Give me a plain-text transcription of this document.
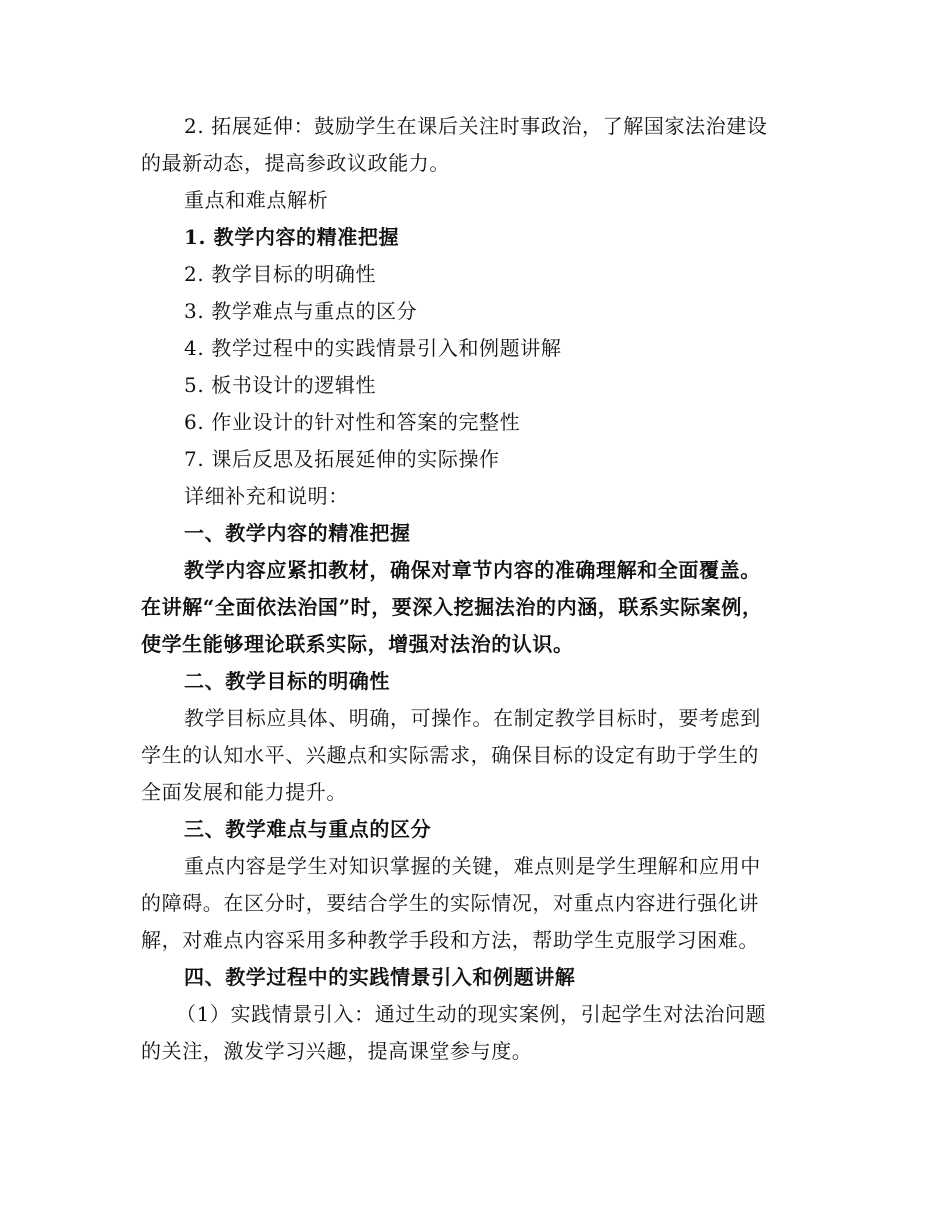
2. 拓展延伸：鼓励学生在课后关注时事政治，了解国家法治建设
的最新动态，提高参政议政能力。
重点和难点解析
1. 教学内容的精准把握
2. 教学目标的明确性
3. 教学难点与重点的区分
4. 教学过程中的实践情景引入和例题讲解
5. 板书设计的逻辑性
6. 作业设计的针对性和答案的完整性
7. 课后反思及拓展延伸的实际操作
详细补充和说明：
一、教学内容的精准把握
教学内容应紧扣教材，确保对章节内容的准确理解和全面覆盖。
在讲解“全面依法治国”时，要深入挖掘法治的内涵，联系实际案例，
使学生能够理论联系实际，增强对法治的认识。
二、教学目标的明确性
教学目标应具体、明确，可操作。在制定教学目标时，要考虑到
学生的认知水平、兴趣点和实际需求，确保目标的设定有助于学生的
全面发展和能力提升。
三、教学难点与重点的区分
重点内容是学生对知识掌握的关键，难点则是学生理解和应用中
的障碍。在区分时，要结合学生的实际情况，对重点内容进行强化讲
解，对难点内容采用多种教学手段和方法，帮助学生克服学习困难。
四、教学过程中的实践情景引入和例题讲解
（1）实践情景引入：通过生动的现实案例，引起学生对法治问题
的关注，激发学习兴趣，提高课堂参与度。
